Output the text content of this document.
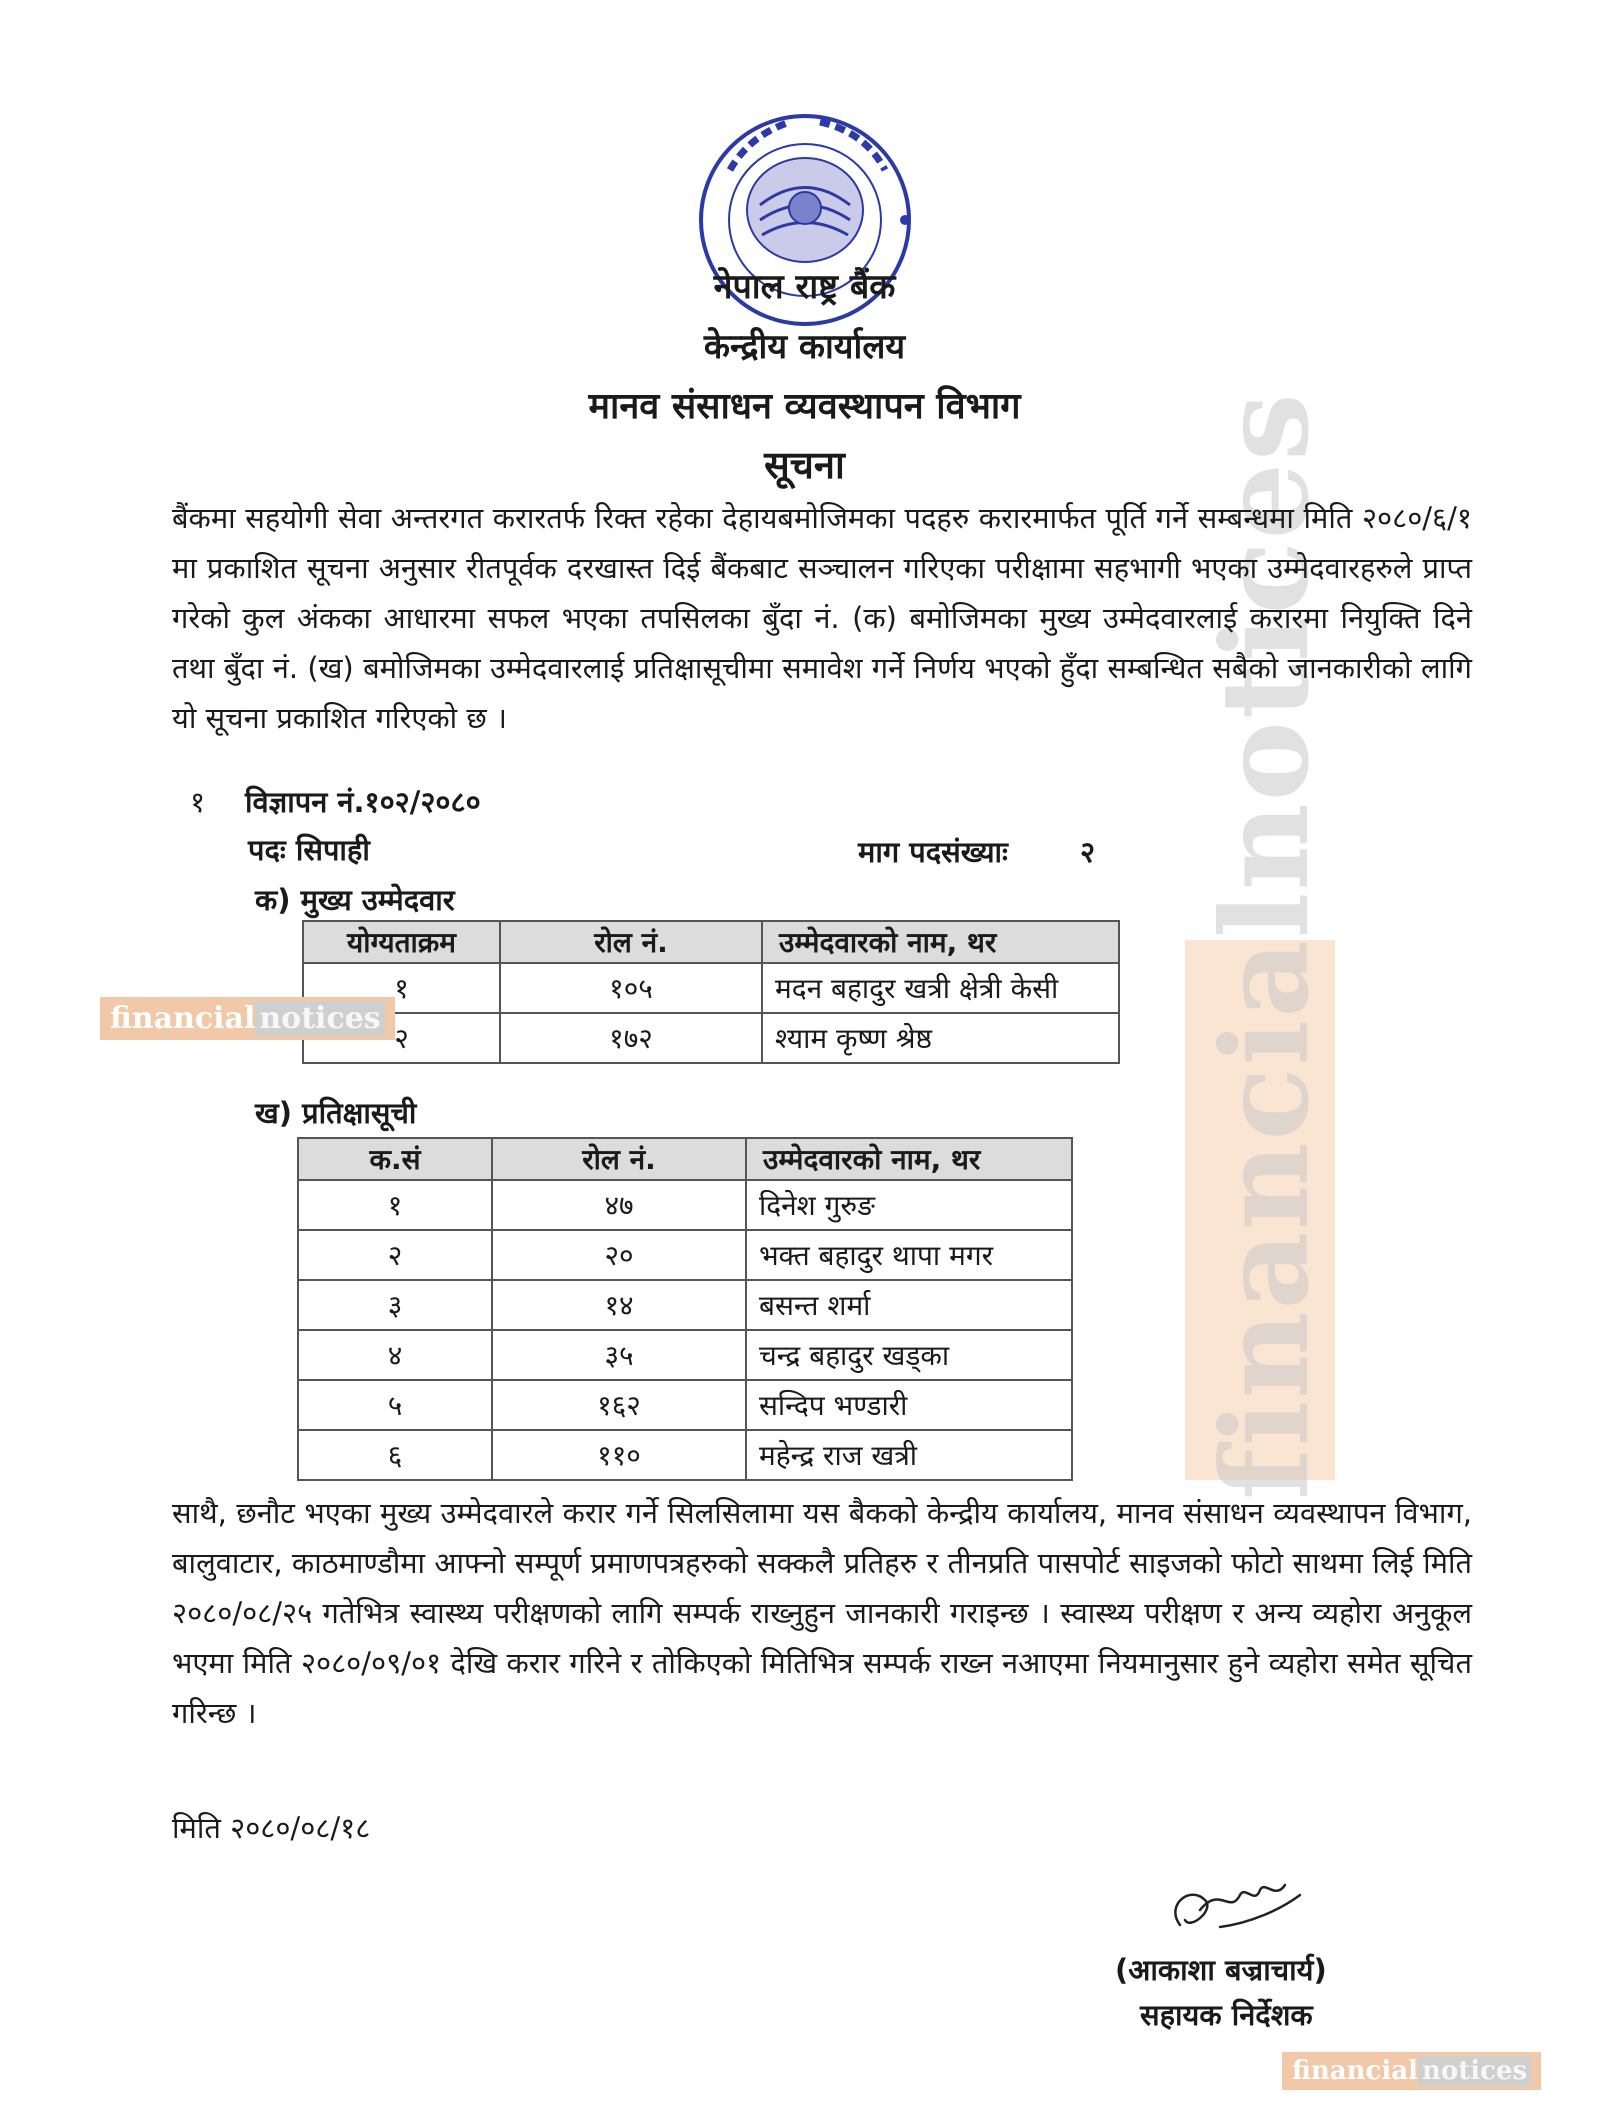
financialnotices
नेपाल राष्ट्र बैंक
केन्द्रीय कार्यालय
मानव संसाधन व्यवस्थापन विभाग
सूचना
बैंकमा सहयोगी सेवा अन्तरगत करारतर्फ रिक्त रहेका देहायबमोजिमका पदहरु करारमार्फत पूर्ति गर्ने सम्बन्धमा मिति २०८०/६/१ मा प्रकाशित सूचना अनुसार रीतपूर्वक दरखास्त दिई बैंकबाट सञ्चालन गरिएका परीक्षामा सहभागी भएका उम्मेदवारहरुले प्राप्त गरेको कुल अंकका आधारमा सफल भएका तपसिलका बुँदा नं. (क) बमोजिमका मुख्य उम्मेदवारलाई करारमा नियुक्ति दिने तथा बुँदा नं. (ख) बमोजिमका उम्मेदवारलाई प्रतिक्षासूचीमा समावेश गर्ने निर्णय भएको हुँदा सम्बन्धित सबैको जानकारीको लागि यो सूचना प्रकाशित गरिएको छ ।
१ विज्ञापन नं.१०२/२०८०
पदः सिपाही	माग पदसंख्याः २
क) मुख्य उम्मेदवार
योग्यताक्रम	रोल नं.	उम्मेदवारको नाम, थर
१	१०५	मदन बहादुर खत्री क्षेत्री केसी
२	१७२	श्याम कृष्ण श्रेष्ठ
financial notices
ख) प्रतिक्षासूची
क.सं	रोल नं.	उम्मेदवारको नाम, थर
१	४७	दिनेश गुरुङ
२	२०	भक्त बहादुर थापा मगर
३	१४	बसन्त शर्मा
४	३५	चन्द्र बहादुर खड्का
५	१६२	सन्दिप भण्डारी
६	११०	महेन्द्र राज खत्री
साथै, छनौट भएका मुख्य उम्मेदवारले करार गर्ने सिलसिलामा यस बैकको केन्द्रीय कार्यालय, मानव संसाधन व्यवस्थापन विभाग, बालुवाटार, काठमाण्डौमा आफ्नो सम्पूर्ण प्रमाणपत्रहरुको सक्कलै प्रतिहरु र तीनप्रति पासपोर्ट साइजको फोटो साथमा लिई मिति २०८०/०८/२५ गतेभित्र स्वास्थ्य परीक्षणको लागि सम्पर्क राख्नुहुन जानकारी गराइन्छ । स्वास्थ्य परीक्षण र अन्य व्यहोरा अनुकूल भएमा मिति २०८०/०९/०१ देखि करार गरिने र तोकिएको मितिभित्र सम्पर्क राख्न नआएमा नियमानुसार हुने व्यहोरा समेत सूचित गरिन्छ ।
मिति २०८०/०८/१८
(आकाशा बज्राचार्य)
सहायक निर्देशक
financial notices
